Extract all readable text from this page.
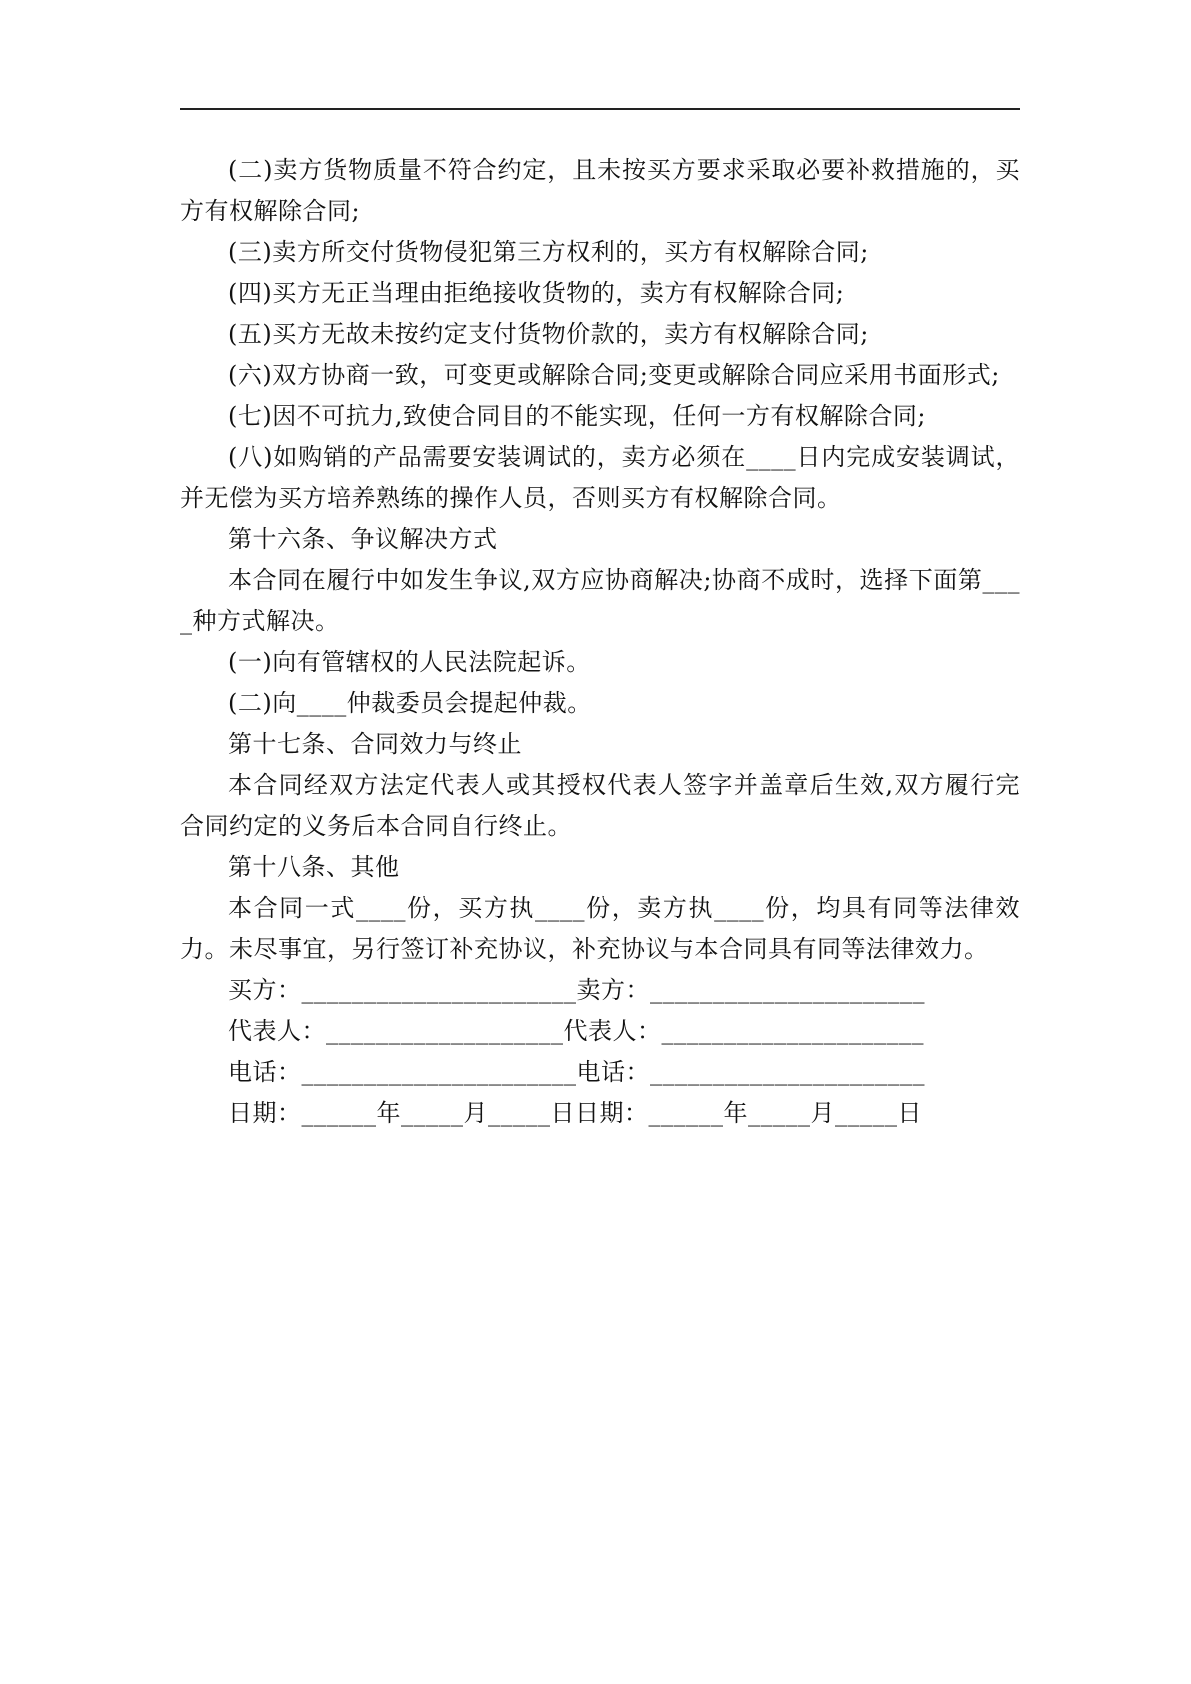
(二)卖方货物质量不符合约定，且未按买方要求采取必要补救措施的，买方有权解除合同;

(三)卖方所交付货物侵犯第三方权利的，买方有权解除合同;

(四)买方无正当理由拒绝接收货物的，卖方有权解除合同;

(五)买方无故未按约定支付货物价款的，卖方有权解除合同;

(六)双方协商一致，可变更或解除合同;变更或解除合同应采用书面形式;

(七)因不可抗力,致使合同目的不能实现，任何一方有权解除合同;

(八)如购销的产品需要安装调试的，卖方必须在____日内完成安装调试，并无偿为买方培养熟练的操作人员，否则买方有权解除合同。

第十六条、争议解决方式

本合同在履行中如发生争议,双方应协商解决;协商不成时，选择下面第____种方式解决。

(一)向有管辖权的人民法院起诉。

(二)向____仲裁委员会提起仲裁。

第十七条、合同效力与终止

本合同经双方法定代表人或其授权代表人签字并盖章后生效,双方履行完合同约定的义务后本合同自行终止。

第十八条、其他

本合同一式____份，买方执____份，卖方执____份，均具有同等法律效力。未尽事宜，另行签订补充协议，补充协议与本合同具有同等法律效力。

买方：______________________卖方：______________________

代表人：___________________代表人：_____________________

电话：______________________电话：______________________

日期：______年_____月_____日日期：______年_____月_____日
